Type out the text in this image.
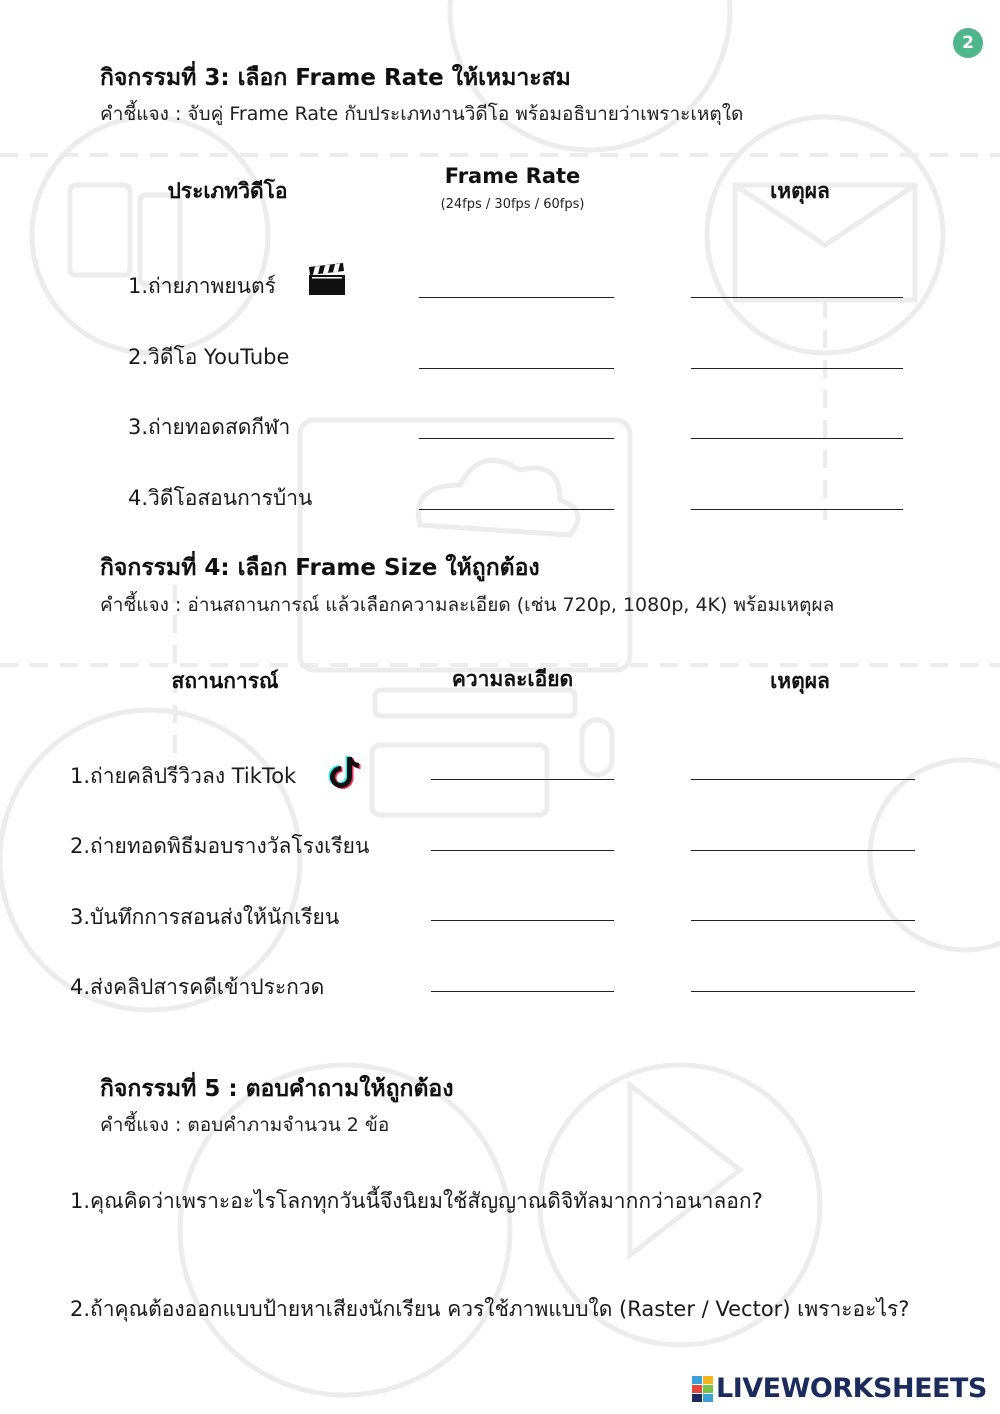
2
กิจกรรมที่ 3: เลือก Frame Rate ให้เหมาะสม
คำชี้แจง : จับคู่ Frame Rate กับประเภทงานวิดีโอ พร้อมอธิบายว่าเพราะเหตุใด
ประเภทวิดีโอ
Frame Rate
(24fps / 30fps / 60fps)
เหตุผล
1.ถ่ายภาพยนตร์
2.วิดีโอ YouTube
3.ถ่ายทอดสดกีฬา
4.วิดีโอสอนการบ้าน
กิจกรรมที่ 4: เลือก Frame Size ให้ถูกต้อง
คำชี้แจง : อ่านสถานการณ์ แล้วเลือกความละเอียด (เช่น 720p, 1080p, 4K) พร้อมเหตุผล
สถานการณ์	ความละเอียด	เหตุผล
1.ถ่ายคลิปรีวิวลง TikTok
2.ถ่ายทอดพิธีมอบรางวัลโรงเรียน
3.บันทึกการสอนส่งให้นักเรียน
4.ส่งคลิปสารคดีเข้าประกวด
กิจกรรมที่ 5 : ตอบคำถามให้ถูกต้อง
คำชี้แจง : ตอบคำภามจำนวน 2 ข้อ
1.คุณคิดว่าเพราะอะไรโลกทุกวันนี้จึงนิยมใช้สัญญาณดิจิทัลมากกว่าอนาลอก?
2.ถ้าคุณต้องออกแบบป้ายหาเสียงนักเรียน ควรใช้ภาพแบบใด (Raster / Vector) เพราะอะไร?
LIVEWORKSHEETS
